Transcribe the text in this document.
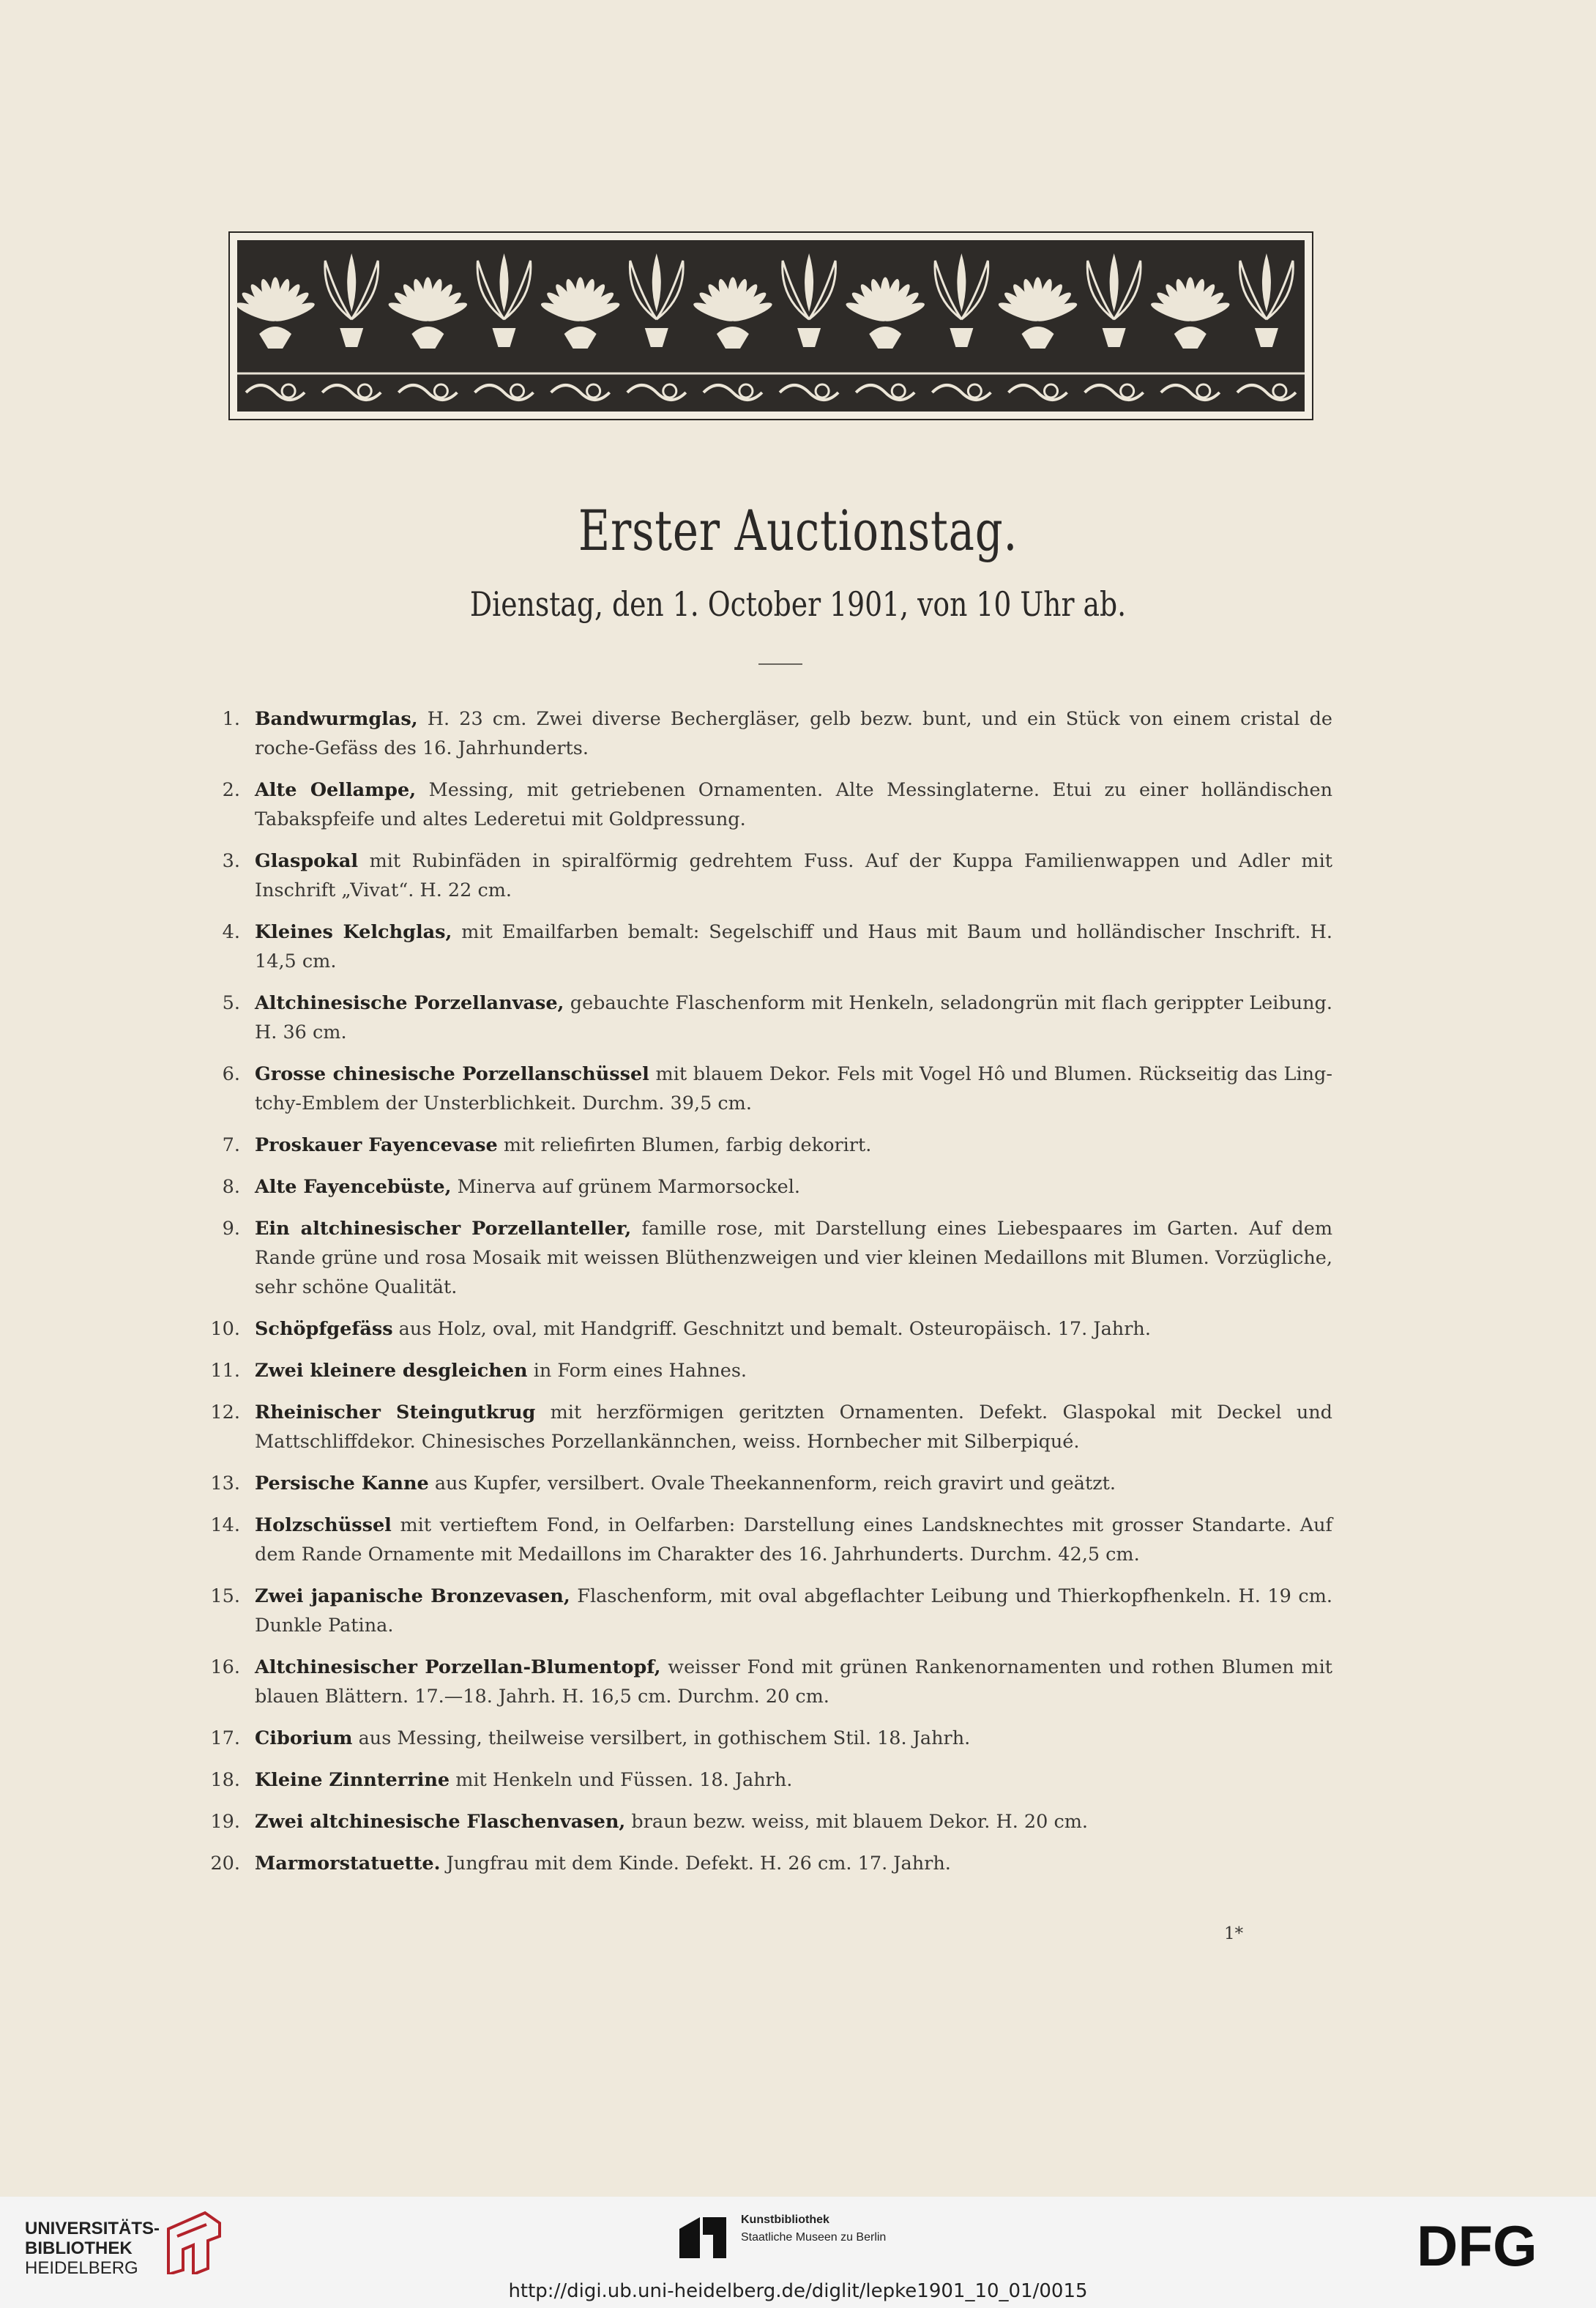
Erster Auctionstag.
Dienstag, den 1. October 1901, von 10 Uhr ab.
1. Bandwurmglas, H. 23 cm. Zwei diverse Bechergläser, gelb bezw. bunt, und ein Stück von einem cristal de roche-Gefäss des 16. Jahrhunderts.
2. Alte Oellampe, Messing, mit getriebenen Ornamenten. Alte Messinglaterne. Etui zu einer holländischen Tabakspfeife und altes Lederetui mit Goldpressung.
3. Glaspokal mit Rubinfäden in spiralförmig gedrehtem Fuss. Auf der Kuppa Familienwappen und Adler mit Inschrift „Vivat“. H. 22 cm.
4. Kleines Kelchglas, mit Emailfarben bemalt: Segelschiff und Haus mit Baum und holländischer Inschrift. H. 14,5 cm.
5. Altchinesische Porzellanvase, gebauchte Flaschenform mit Henkeln, seladongrün mit flach gerippter Leibung. H. 36 cm.
6. Grosse chinesische Porzellanschüssel mit blauem Dekor. Fels mit Vogel Hô und Blumen. Rückseitig das Ling-tchy-Emblem der Unsterblichkeit. Durchm. 39,5 cm.
7. Proskauer Fayencevase mit reliefirten Blumen, farbig dekorirt.
8. Alte Fayencebüste, Minerva auf grünem Marmorsockel.
9. Ein altchinesischer Porzellanteller, famille rose, mit Darstellung eines Liebespaares im Garten. Auf dem Rande grüne und rosa Mosaik mit weissen Blüthenzweigen und vier kleinen Medaillons mit Blumen. Vorzügliche, sehr schöne Qualität.
10. Schöpfgefäss aus Holz, oval, mit Handgriff. Geschnitzt und bemalt. Osteuropäisch. 17. Jahrh.
11. Zwei kleinere desgleichen in Form eines Hahnes.
12. Rheinischer Steingutkrug mit herzförmigen geritzten Ornamenten. Defekt. Glaspokal mit Deckel und Mattschliffdekor. Chinesisches Porzellankännchen, weiss. Hornbecher mit Silberpiqué.
13. Persische Kanne aus Kupfer, versilbert. Ovale Theekannenform, reich gravirt und geätzt.
14. Holzschüssel mit vertieftem Fond, in Oelfarben: Darstellung eines Landsknechtes mit grosser Standarte. Auf dem Rande Ornamente mit Medaillons im Charakter des 16. Jahrhunderts. Durchm. 42,5 cm.
15. Zwei japanische Bronzevasen, Flaschenform, mit oval abgeflachter Leibung und Thierkopfhenkeln. H. 19 cm. Dunkle Patina.
16. Altchinesischer Porzellan-Blumentopf, weisser Fond mit grünen Rankenornamenten und rothen Blumen mit blauen Blättern. 17.—18. Jahrh. H. 16,5 cm. Durchm. 20 cm.
17. Ciborium aus Messing, theilweise versilbert, in gothischem Stil. 18. Jahrh.
18. Kleine Zinnterrine mit Henkeln und Füssen. 18. Jahrh.
19. Zwei altchinesische Flaschenvasen, braun bezw. weiss, mit blauem Dekor. H. 20 cm.
20. Marmorstatuette. Jungfrau mit dem Kinde. Defekt. H. 26 cm. 17. Jahrh.
1*
UNIVERSITÄTS-
BIBLIOTHEK
HEIDELBERG
Kunstbibliothek
Staatliche Museen zu Berlin	DFG
http://digi.ub.uni-heidelberg.de/diglit/lepke1901_10_01/0015
